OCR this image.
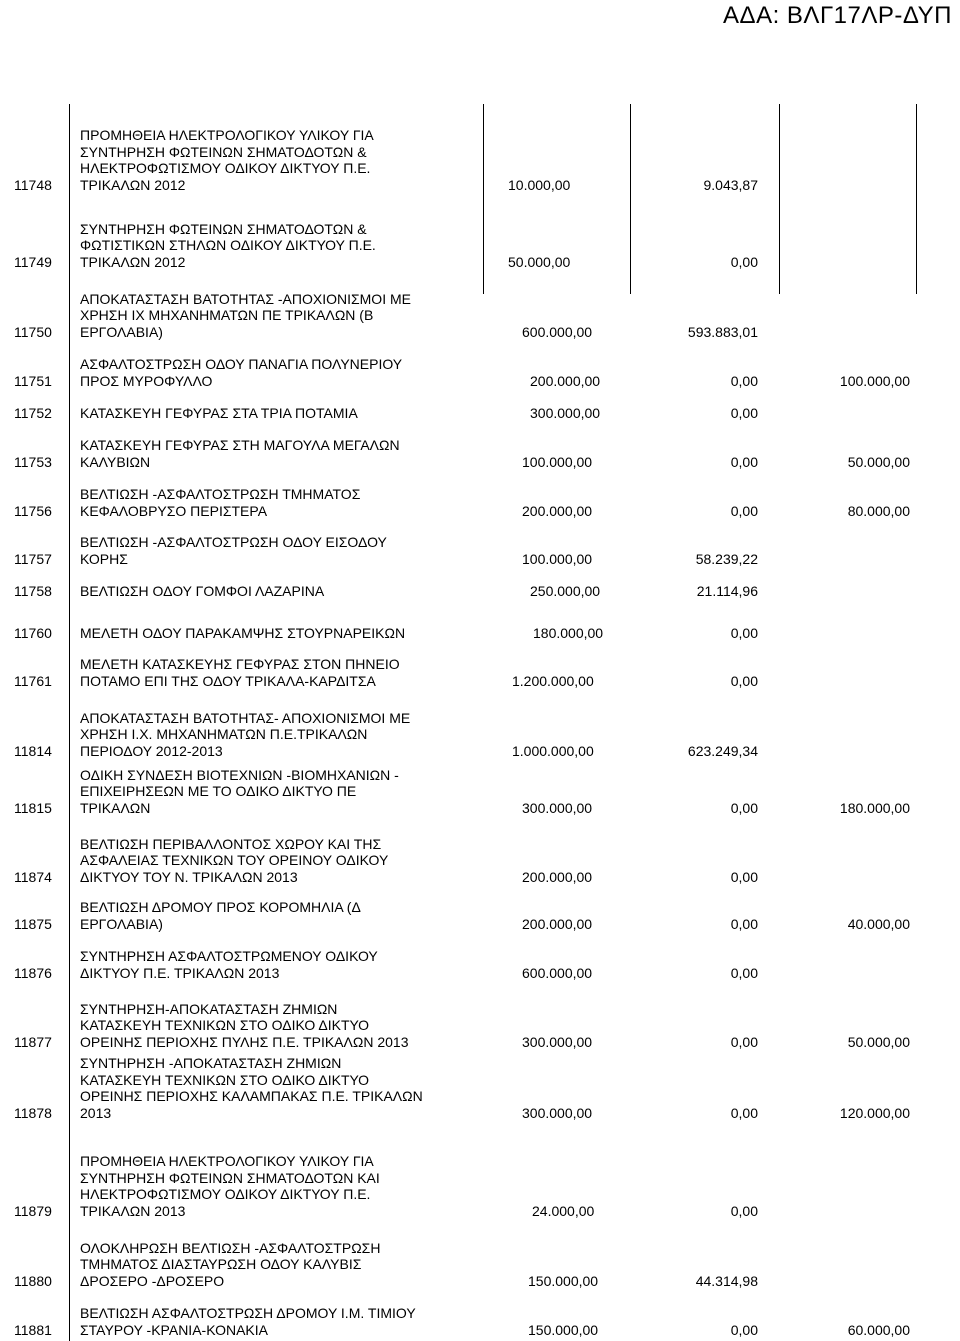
ΑΔΑ: ΒΛΓ17ΛΡ-ΔΥΠ
11748
ΠΡΟΜΗΘΕΙΑ ΗΛΕΚΤΡΟΛΟΓΙΚΟΥ ΥΛΙΚΟΥ ΓΙΑ
ΣΥΝΤΗΡΗΣΗ ΦΩΤΕΙΝΩΝ ΣΗΜΑΤΟΔΟΤΩΝ &
ΗΛΕΚΤΡΟΦΩΤΙΣΜΟΥ ΟΔΙΚΟΥ ΔΙΚΤΥΟΥ Π.Ε.
ΤΡΙΚΑΛΩΝ 2012	10.000,00	9.043,87
11749
ΣΥΝΤΗΡΗΣΗ ΦΩΤΕΙΝΩΝ ΣΗΜΑΤΟΔΟΤΩΝ &
ΦΩΤΙΣΤΙΚΩΝ ΣΤΗΛΩΝ ΟΔΙΚΟΥ ΔΙΚΤΥΟΥ Π.Ε.
ΤΡΙΚΑΛΩΝ 2012	50.000,00	0,00
11750
ΑΠΟΚΑΤΑΣΤΑΣΗ ΒΑΤΟΤΗΤΑΣ -ΑΠΟΧΙΟΝΙΣΜΟΙ ΜΕ
ΧΡΗΣΗ ΙΧ ΜΗΧΑΝΗΜΑΤΩΝ ΠΕ ΤΡΙΚΑΛΩΝ (Β
ΕΡΓΟΛΑΒΙΑ)	600.000,00	593.883,01
11751
ΑΣΦΑΛΤΟΣΤΡΩΣΗ ΟΔΟΥ ΠΑΝΑΓΙΑ ΠΟΛΥΝΕΡΙΟΥ
ΠΡΟΣ ΜΥΡΟΦΥΛΛΟ	200.000,00	0,00	100.000,00
11752 ΚΑΤΑΣΚΕΥΗ ΓΕΦΥΡΑΣ ΣΤΑ ΤΡΙΑ ΠΟΤΑΜΙΑ	300.000,00	0,00
11753
ΚΑΤΑΣΚΕΥΗ ΓΕΦΥΡΑΣ ΣΤΗ ΜΑΓΟΥΛΑ ΜΕΓΑΛΩΝ
ΚΑΛΥΒΙΩΝ	100.000,00	0,00	50.000,00
11756
ΒΕΛΤΙΩΣΗ -ΑΣΦΑΛΤΟΣΤΡΩΣΗ ΤΜΗΜΑΤΟΣ
ΚΕΦΑΛΟΒΡΥΣΟ ΠΕΡΙΣΤΕΡΑ	200.000,00	0,00	80.000,00
11757
ΒΕΛΤΙΩΣΗ -ΑΣΦΑΛΤΟΣΤΡΩΣΗ ΟΔΟΥ ΕΙΣΟΔΟΥ
ΚΟΡΗΣ	100.000,00	58.239,22
11758 ΒΕΛΤΙΩΣΗ ΟΔΟΥ ΓΟΜΦΟΙ ΛΑΖΑΡΙΝΑ	250.000,00	21.114,96
11760 ΜΕΛΕΤΗ ΟΔΟΥ ΠΑΡΑΚΑΜΨΗΣ ΣΤΟΥΡΝΑΡΕΙΚΩΝ	180.000,00	0,00
11761
ΜΕΛΕΤΗ ΚΑΤΑΣΚΕΥΗΣ ΓΕΦΥΡΑΣ ΣΤΟΝ ΠΗΝΕΙΟ
ΠΟΤΑΜΟ ΕΠΙ ΤΗΣ ΟΔΟΥ ΤΡΙΚΑΛΑ-ΚΑΡΔΙΤΣΑ	1.200.000,00	0,00
11814
ΑΠΟΚΑΤΑΣΤΑΣΗ ΒΑΤΟΤΗΤΑΣ- ΑΠΟΧΙΟΝΙΣΜΟΙ ΜΕ
ΧΡΗΣΗ Ι.Χ. ΜΗΧΑΝΗΜΑΤΩΝ Π.Ε.ΤΡΙΚΑΛΩΝ
ΠΕΡΙΟΔΟΥ 2012-2013	1.000.000,00	623.249,34
11815
ΟΔΙΚΗ ΣΥΝΔΕΣΗ ΒΙΟΤΕΧΝΙΩΝ -ΒΙΟΜΗΧΑΝΙΩΝ -
ΕΠΙΧΕΙΡΗΣΕΩΝ ΜΕ ΤΟ ΟΔΙΚΟ ΔΙΚΤΥΟ ΠΕ
ΤΡΙΚΑΛΩΝ	300.000,00	0,00	180.000,00
11874
ΒΕΛΤΙΩΣΗ ΠΕΡΙΒΑΛΛΟΝΤΟΣ ΧΩΡΟΥ ΚΑΙ ΤΗΣ
ΑΣΦΑΛΕΙΑΣ ΤΕΧΝΙΚΩΝ ΤΟΥ ΟΡΕΙΝΟΥ ΟΔΙΚΟΥ
ΔΙΚΤΥΟΥ ΤΟΥ Ν. ΤΡΙΚΑΛΩΝ 2013	200.000,00	0,00
11875
ΒΕΛΤΙΩΣΗ ΔΡΟΜΟΥ ΠΡΟΣ ΚΟΡΟΜΗΛΙΑ (Δ
ΕΡΓΟΛΑΒΙΑ)	200.000,00	0,00	40.000,00
11876
ΣΥΝΤΗΡΗΣΗ ΑΣΦΑΛΤΟΣΤΡΩΜΕΝΟΥ ΟΔΙΚΟΥ
ΔΙΚΤΥΟΥ Π.Ε. ΤΡΙΚΑΛΩΝ 2013	600.000,00	0,00
11877
ΣΥΝΤΗΡΗΣΗ-ΑΠΟΚΑΤΑΣΤΑΣΗ ΖΗΜΙΩΝ
ΚΑΤΑΣΚΕΥΗ ΤΕΧΝΙΚΩΝ ΣΤΟ ΟΔΙΚΟ ΔΙΚΤΥΟ
ΟΡΕΙΝΗΣ ΠΕΡΙΟΧΗΣ ΠΥΛΗΣ Π.Ε. ΤΡΙΚΑΛΩΝ 2013	300.000,00	0,00	50.000,00
11878
ΣΥΝΤΗΡΗΣΗ -ΑΠΟΚΑΤΑΣΤΑΣΗ ΖΗΜΙΩΝ
ΚΑΤΑΣΚΕΥΗ ΤΕΧΝΙΚΩΝ ΣΤΟ ΟΔΙΚΟ ΔΙΚΤΥΟ
ΟΡΕΙΝΗΣ ΠΕΡΙΟΧΗΣ ΚΑΛΑΜΠΑΚΑΣ Π.Ε. ΤΡΙΚΑΛΩΝ
2013	300.000,00	0,00	120.000,00
11879
ΠΡΟΜΗΘΕΙΑ ΗΛΕΚΤΡΟΛΟΓΙΚΟΥ ΥΛΙΚΟΥ ΓΙΑ
ΣΥΝΤΗΡΗΣΗ ΦΩΤΕΙΝΩΝ ΣΗΜΑΤΟΔΟΤΩΝ ΚΑΙ
ΗΛΕΚΤΡΟΦΩΤΙΣΜΟΥ ΟΔΙΚΟΥ ΔΙΚΤΥΟΥ Π.Ε.
ΤΡΙΚΑΛΩΝ 2013	24.000,00	0,00
11880
ΟΛΟΚΛΗΡΩΣΗ ΒΕΛΤΙΩΣΗ -ΑΣΦΑΛΤΟΣΤΡΩΣΗ
ΤΜΗΜΑΤΟΣ ΔΙΑΣΤΑΥΡΩΣΗ ΟΔΟΥ ΚΑΛΥΒΙΣ
ΔΡΟΣΕΡΟ -ΔΡΟΣΕΡΟ	150.000,00	44.314,98
11881
ΒΕΛΤΙΩΣΗ ΑΣΦΑΛΤΟΣΤΡΩΣΗ ΔΡΟΜΟΥ Ι.Μ. ΤΙΜΙΟΥ
ΣΤΑΥΡΟΥ -ΚΡΑΝΙΑ-ΚΟΝΑΚΙΑ	150.000,00	0,00	60.000,00
